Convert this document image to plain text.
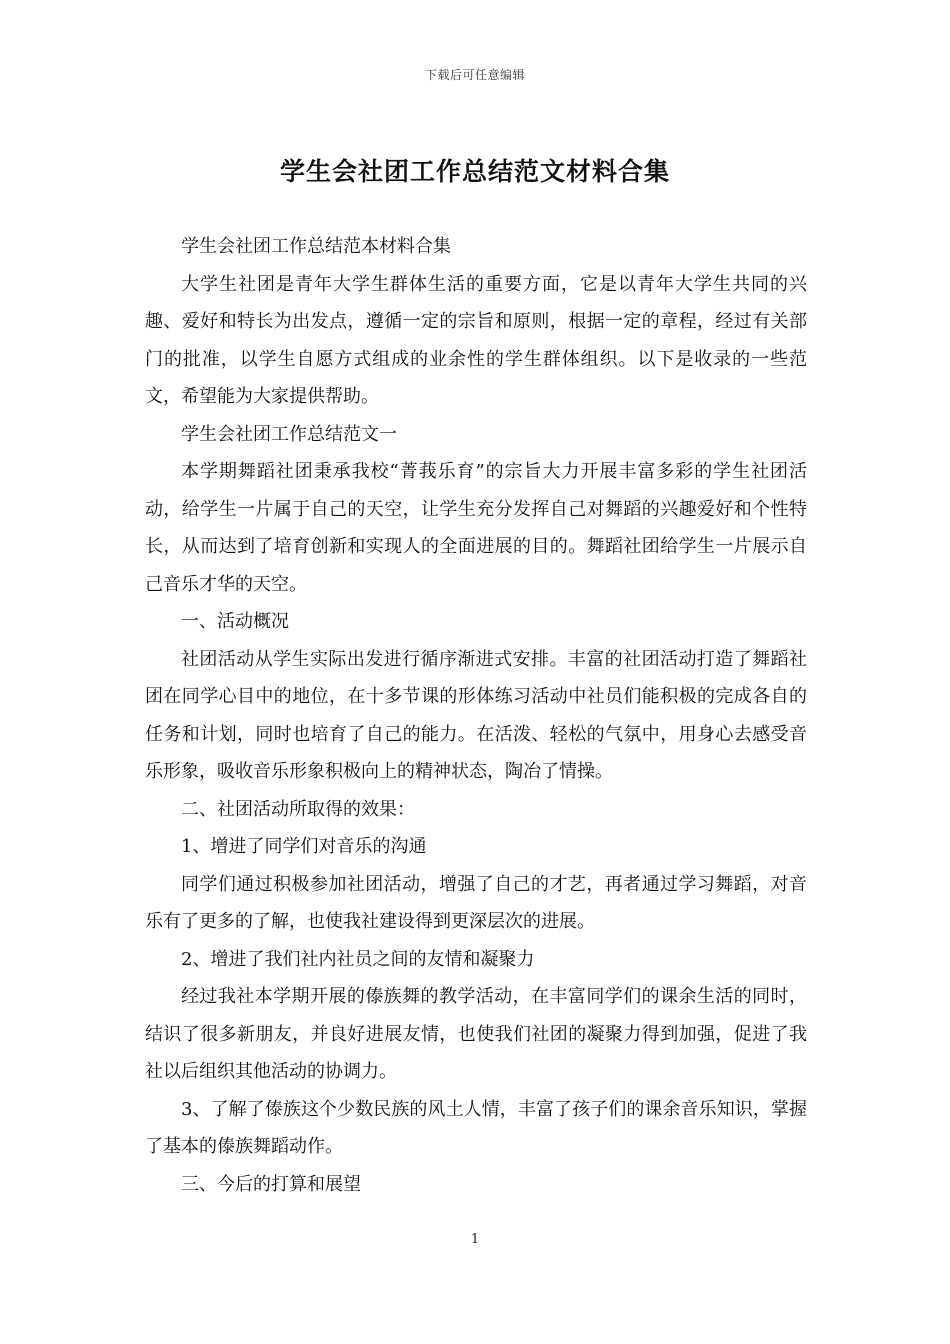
下载后可任意编辑
学生会社团工作总结范文材料合集

学生会社团工作总结范本材料合集

大学生社团是青年大学生群体生活的重要方面，它是以青年大学生共同的兴趣、爱好和特长为出发点，遵循一定的宗旨和原则，根据一定的章程，经过有关部门的批准，以学生自愿方式组成的业余性的学生群体组织。以下是收录的一些范文，希望能为大家提供帮助。

学生会社团工作总结范文一

本学期舞蹈社团秉承我校“菁莪乐育”的宗旨大力开展丰富多彩的学生社团活动，给学生一片属于自己的天空，让学生充分发挥自己对舞蹈的兴趣爱好和个性特长，从而达到了培育创新和实现人的全面进展的目的。舞蹈社团给学生一片展示自己音乐才华的天空。

一、活动概况

社团活动从学生实际出发进行循序渐进式安排。丰富的社团活动打造了舞蹈社团在同学心目中的地位，在十多节课的形体练习活动中社员们能积极的完成各自的任务和计划，同时也培育了自己的能力。在活泼、轻松的气氛中，用身心去感受音乐形象，吸收音乐形象积极向上的精神状态，陶冶了情操。

二、社团活动所取得的效果：

1、增进了同学们对音乐的沟通

同学们通过积极参加社团活动，增强了自己的才艺，再者通过学习舞蹈，对音乐有了更多的了解，也使我社建设得到更深层次的进展。

2、增进了我们社内社员之间的友情和凝聚力

经过我社本学期开展的傣族舞的教学活动，在丰富同学们的课余生活的同时，结识了很多新朋友，并良好进展友情，也使我们社团的凝聚力得到加强，促进了我社以后组织其他活动的协调力。

3、了解了傣族这个少数民族的风土人情，丰富了孩子们的课余音乐知识，掌握了基本的傣族舞蹈动作。

三、今后的打算和展望

1
